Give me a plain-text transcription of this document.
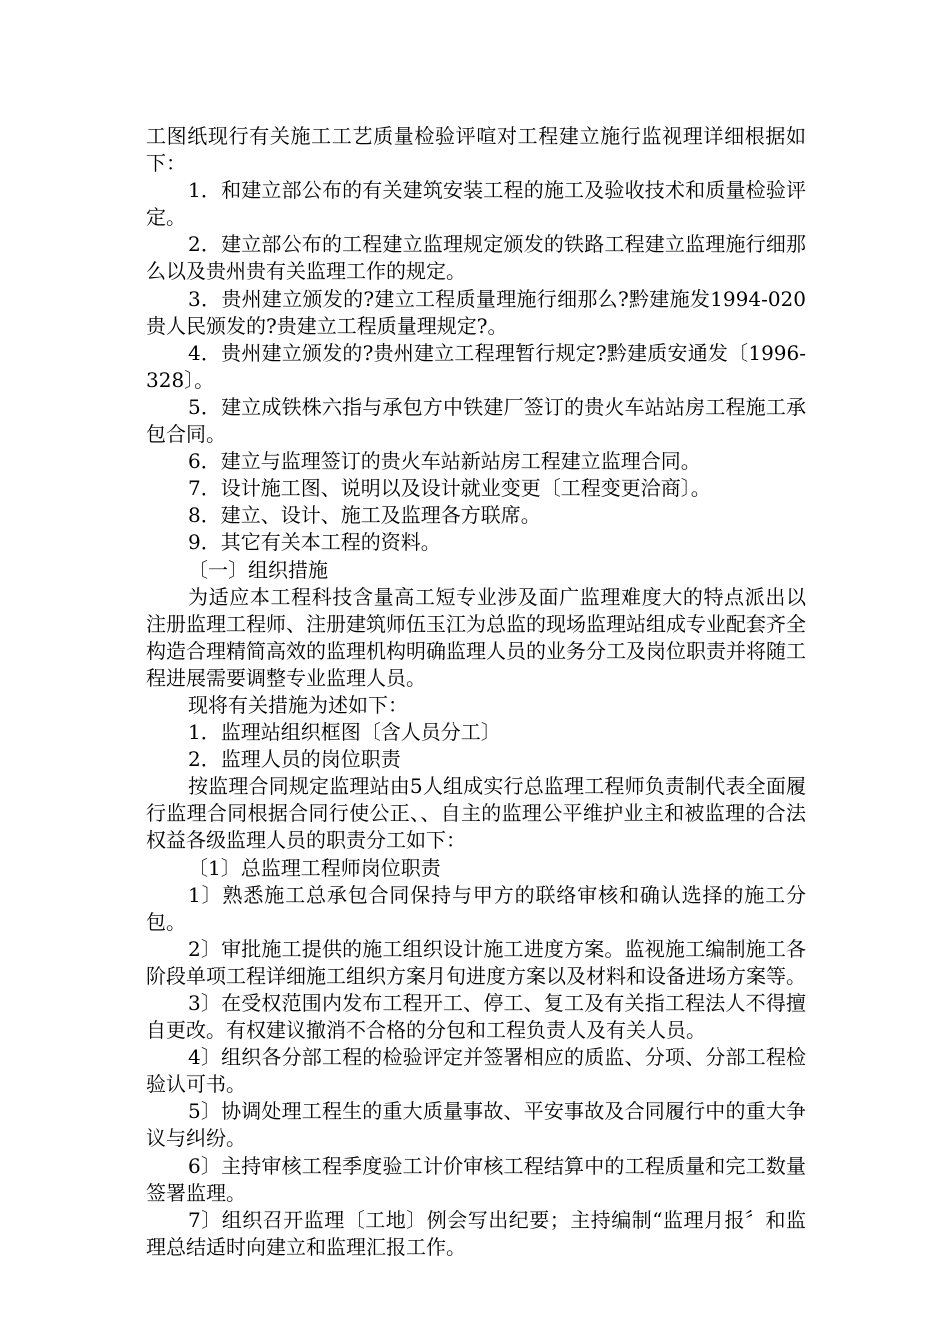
工图纸现行有关施工工艺质量检验评喧对工程建立施行监视理详细根据如下：

1．和建立部公布的有关建筑安装工程的施工及验收技术和质量检验评定。

2．建立部公布的工程建立监理规定颁发的铁路工程建立监理施行细那么以及贵州贵有关监理工作的规定。

3．贵州建立颁发的?建立工程质量理施行细那么?黔建施发1994-020贵人民颁发的?贵建立工程质量理规定?。

4．贵州建立颁发的?贵州建立工程理暂行规定?黔建质安通发〔1996-328〕。

5．建立成铁株六指与承包方中铁建厂签订的贵火车站站房工程施工承包合同。

6．建立与监理签订的贵火车站新站房工程建立监理合同。

7．设计施工图、说明以及设计就业变更〔工程变更洽商〕。

8．建立、设计、施工及监理各方联席。

9．其它有关本工程的资料。

〔一〕组织措施

为适应本工程科技含量高工短专业涉及面广监理难度大的特点派出以注册监理工程师、注册建筑师伍玉江为总监的现场监理站组成专业配套齐全 构造合理精简高效的监理机构明确监理人员的业务分工及岗位职责并将随工程进展需要调整专业监理人员。

现将有关措施为述如下：

1．监理站组织框图〔含人员分工〕

2．监理人员的岗位职责

按监理合同规定监理站由5人组成实行总监理工程师负责制代表全面履行监理合同根据合同行使公正、、自主的监理公平维护业主和被监理的合法权益各级监理人员的职责分工如下：

〔1〕总监理工程师岗位职责

1〕熟悉施工总承包合同保持与甲方的联络审核和确认选择的施工分包。

2〕审批施工提供的施工组织设计施工进度方案。监视施工编制施工各阶段单项工程详细施工组织方案月旬进度方案以及材料和设备进场方案等。

3〕在受权范围内发布工程开工、停工、复工及有关指工程法人不得擅自更改。有权建议撤消不合格的分包和工程负责人及有关人员。

4〕组织各分部工程的检验评定并签署相应的质监、分项、分部工程检验认可书。

5〕协调处理工程生的重大质量事故、平安事故及合同履行中的重大争议与纠纷。

6〕主持审核工程季度验工计价审核工程结算中的工程质量和完工数量签署监理。

7〕组织召开监理〔工地〕例会写出纪要；主持编制“监理月报〞和监理总结适时向建立和监理汇报工作。
